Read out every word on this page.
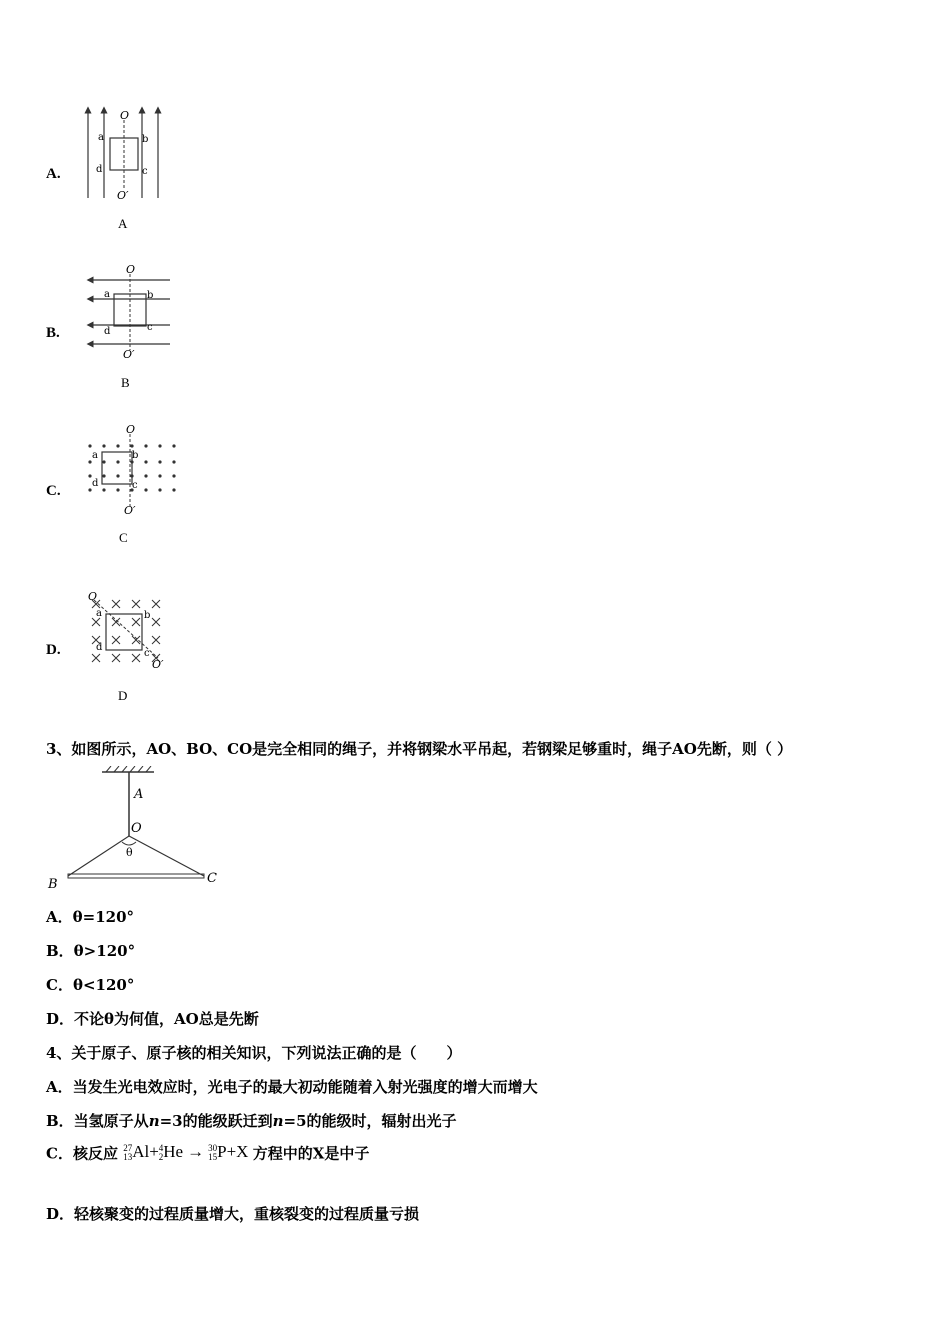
A.
O
O′
a	b
c
d
A
B.
O
O′
a	b
c
d
B
C.
O
O′
a	b
c
d
C
D.
O
O′
a	b
c
d
D
3、如图所示，AO、BO、CO是完全相同的绳子，并将钢梁水平吊起，若钢梁足够重时，绳子AO先断，则（ ）
A
O
θ
B	C
A．θ=120°
B．θ>120°
C．θ<120°
D．不论θ为何值，AO总是先断
4、关于原子、原子核的相关知识，下列说法正确的是（　　）
A．当发生光电效应时，光电子的最大初动能随着入射光强度的增大而增大
B．当氢原子从n=3的能级跃迁到n=5的能级时，辐射出光子
C．核反应 27
13 Al+ 4
2 He → 30
15 P+X 方程中的X是中子
D．轻核聚变的过程质量增大，重核裂变的过程质量亏损
